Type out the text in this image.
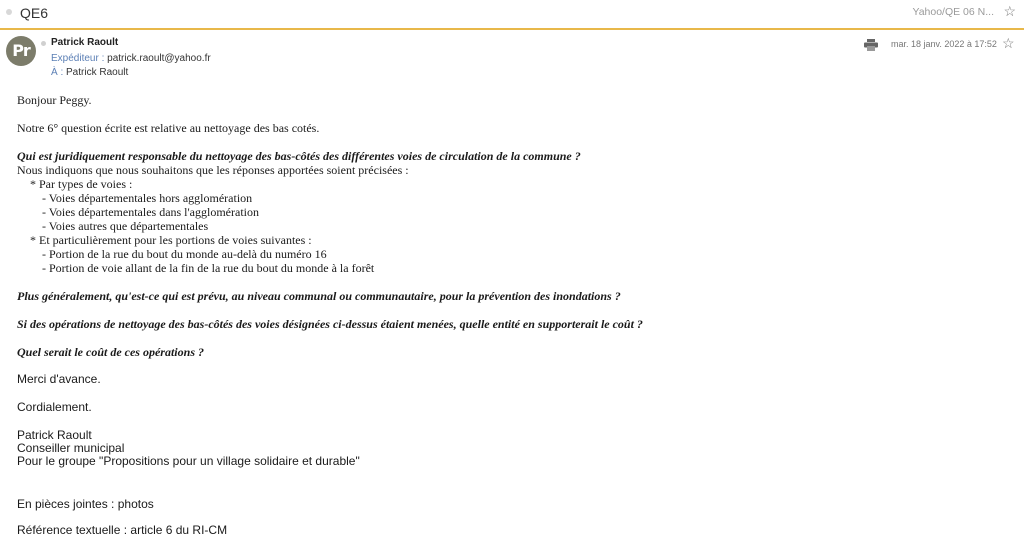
QE6	Yahoo/QE 06 N... ☆
Pr	Patrick Raoult
Expéditeur : patrick.raoult@yahoo.fr
À : Patrick Raoult
mar. 18 janv. 2022 à 17:52 ☆
Bonjour Peggy.
Notre 6° question écrite est relative au nettoyage des bas cotés.
Qui est juridiquement responsable du nettoyage des bas-côtés des différentes voies de circulation de la commune ?
Nous indiquons que nous souhaitons que les réponses apportées soient précisées :
* Par types de voies :
- Voies départementales hors agglomération
- Voies départementales dans l'agglomération
- Voies autres que départementales
* Et particulièrement pour les portions de voies suivantes :
- Portion de la rue du bout du monde au-delà du numéro 16
- Portion de voie allant de la fin de la rue du bout du monde à la forêt
Plus généralement, qu'est-ce qui est prévu, au niveau communal ou communautaire, pour la prévention des inondations ?
Si des opérations de nettoyage des bas-côtés des voies désignées ci-dessus étaient menées, quelle entité en supporterait le coût ?
Quel serait le coût de ces opérations ?
Merci d'avance.
Cordialement.
Patrick Raoult
Conseiller municipal
Pour le groupe "Propositions pour un village solidaire et durable"
En pièces jointes : photos
Référence textuelle : article 6 du RI-CM
